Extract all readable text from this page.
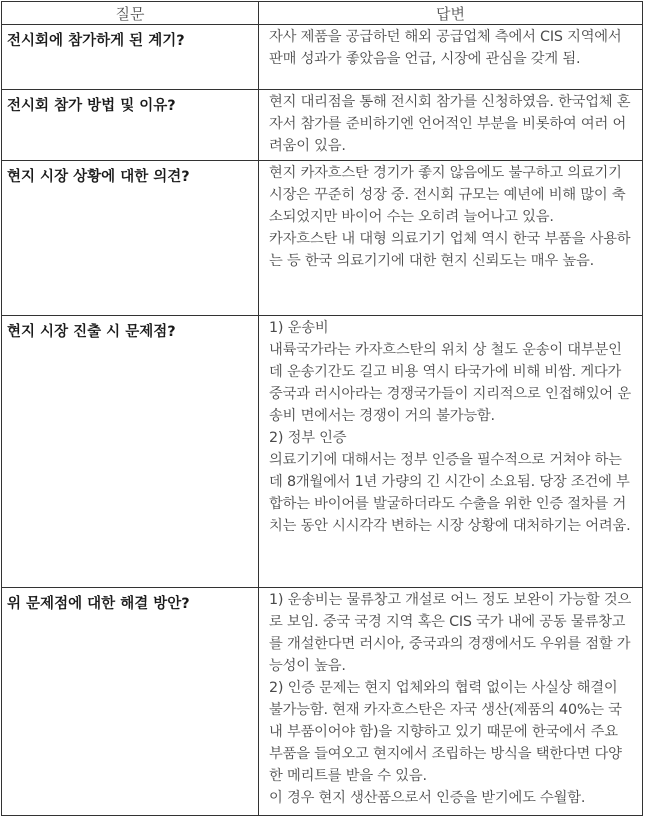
질문	답변
전시회에 참가하게 된 계기?	자사 제품을 공급하던 해외 공급업체 측에서 CIS 지역에서 판매 성과가 좋았음을 언급, 시장에 관심을 갖게 됨.

전시회 참가 방법 및 이유?	현지 대리점을 통해 전시회 참가를 신청하였음. 한국업체 혼자서 참가를 준비하기엔 언어적인 부분을 비롯하여 여러 어려움이 있음.

현지 시장 상황에 대한 의견?	현지 카자흐스탄 경기가 좋지 않음에도 불구하고 의료기기 시장은 꾸준히 성장 중. 전시회 규모는 예년에 비해 많이 축소되었지만 바이어 수는 오히려 늘어나고 있음.

카자흐스탄 내 대형 의료기기 업체 역시 한국 부품을 사용하는 등 한국 의료기기에 대한 현지 신뢰도는 매우 높음.

현지 시장 진출 시 문제점?	1) 운송비

내륙국가라는 카자흐스탄의 위치 상 철도 운송이 대부분인데 운송기간도 길고 비용 역시 타국가에 비해 비쌈. 게다가 중국과 러시아라는 경쟁국가들이 지리적으로 인접해있어 운송비 면에서는 경쟁이 거의 불가능함.

2) 정부 인증

의료기기에 대해서는 정부 인증을 필수적으로 거쳐야 하는데 8개월에서 1년 가량의 긴 시간이 소요됨. 당장 조건에 부합하는 바이어를 발굴하더라도 수출을 위한 인증 절차를 거치는 동안 시시각각 변하는 시장 상황에 대처하기는 어려움.

위 문제점에 대한 해결 방안?	1) 운송비는 물류창고 개설로 어느 정도 보완이 가능할 것으로 보임. 중국 국경 지역 혹은 CIS 국가 내에 공동 물류창고를 개설한다면 러시아, 중국과의 경쟁에서도 우위를 점할 가능성이 높음.

2) 인증 문제는 현지 업체와의 협력 없이는 사실상 해결이 불가능함. 현재 카자흐스탄은 자국 생산(제품의 40%는 국내 부품이어야 함)을 지향하고 있기 때문에 한국에서 주요 부품을 들여오고 현지에서 조립하는 방식을 택한다면 다양한 메리트를 받을 수 있음.

이 경우 현지 생산품으로서 인증을 받기에도 수월함.
